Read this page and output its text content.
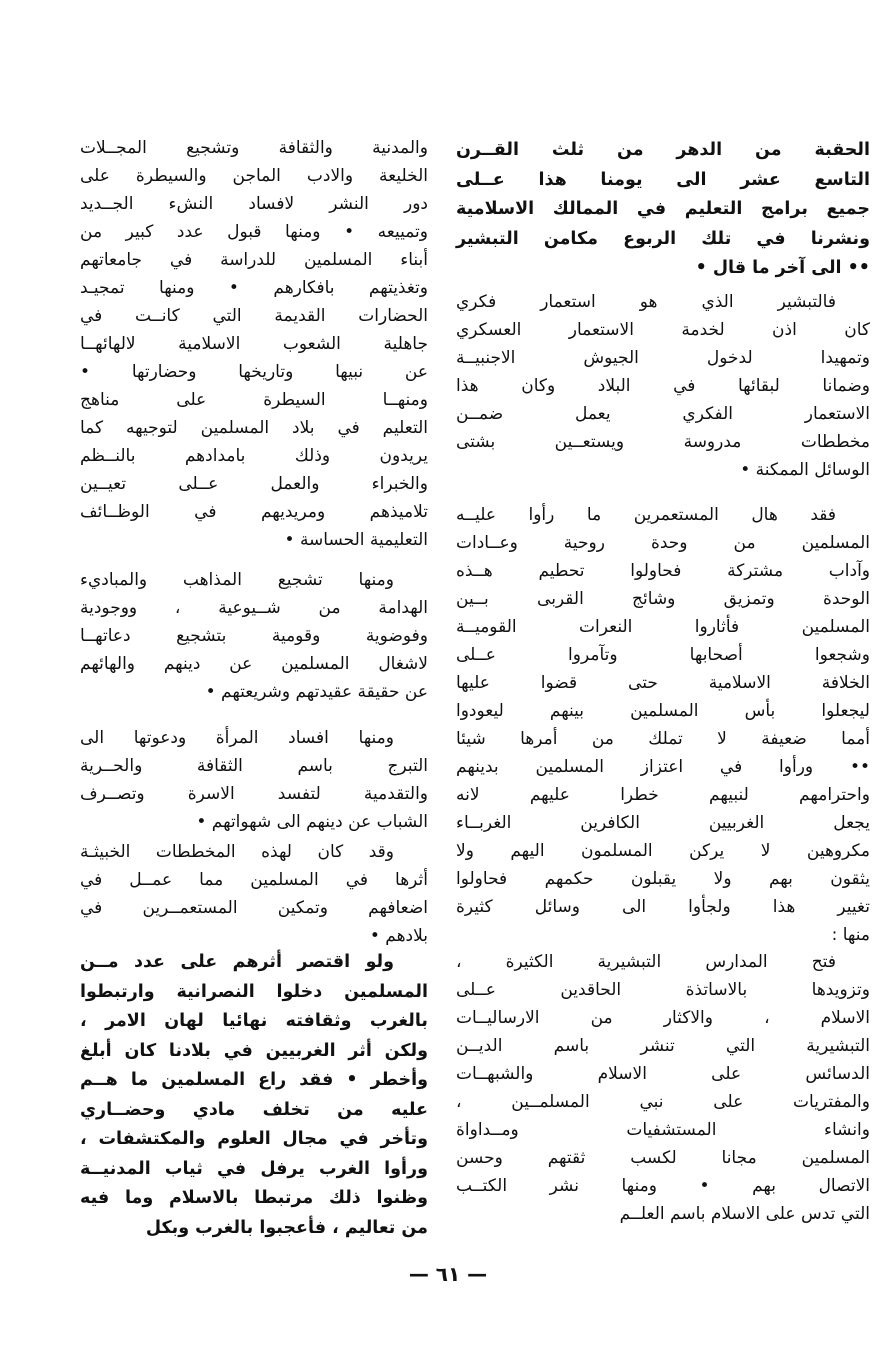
الحقبة من الدهر من ثلث القــرن
التاسع عشر الى يومنا هذا عــلى
جميع برامج التعليم في الممالك الاسلامية
ونشرنا في تلك الربوع مكامن التبشير
•• الى آخر ما قال •
فالتبشير الذي هو استعمار فكري
كان اذن لخدمة الاستعمار العسكري
وتمهيدا لدخول الجيوش الاجنبيــة
وضمانا لبقائها في البلاد وكان هذا
الاستعمار الفكري يعمل ضمــن
مخططات مدروسة ويستعــين بشتى
الوسائل الممكنة •
فقد هال المستعمرين ما رأوا عليــه
المسلمين من وحدة روحية وعــادات
وآداب مشتركة فحاولوا تحطيم هــذه
الوحدة وتمزيق وشائج القربى بــين
المسلمين فأثاروا النعرات القوميــة
وشجعوا أصحابها وتآمروا عــلى
الخلافة الاسلامية حتى قضوا عليها
ليجعلوا بأس المسلمين بينهم ليعودوا
أمما ضعيفة لا تملك من أمرها شيئا
•• ورأوا في اعتزاز المسلمين بدينهم
واحترامهم لنبيهم خطرا عليهم لانه
يجعل الغربيين الكافرين الغربــاء
مكروهين لا يركن المسلمون اليهم ولا
يثقون بهم ولا يقبلون حكمهم فحاولوا
تغيير هذا ولجأوا الى وسائل كثيرة
منها :
فتح المدارس التبشيرية الكثيرة ،
وتزويدها بالاساتذة الحاقدين عــلى
الاسلام ، والاكثار من الارساليــات
التبشيرية التي تنشر باسم الديــن
الدسائس على الاسلام والشبهــات
والمفتريات على نبي المسلمــين ،
وانشاء المستشفيات ومــداواة
المسلمين مجانا لكسب ثقتهم وحسن
الاتصال بهم • ومنها نشر الكتــب
التي تدس على الاسلام باسم العلــم
والمدنية والثقافة وتشجيع المجــلات
الخليعة والادب الماجن والسيطرة على
دور النشر لافساد النشء الجــديد
وتمييعه • ومنها قبول عدد كبير من
أبناء المسلمين للدراسة في جامعاتهم
وتغذيتهم بافكارهم • ومنها تمجيـد
الحضارات القديمة التي كانــت في
جاهلية الشعوب الاسلامية لالهائهــا
عن نبيها وتاريخها وحضارتها •
ومنهــا السيطرة على مناهج
التعليم في بلاد المسلمين لتوجيهه كما
يريدون وذلك بامدادهم بالنــظم
والخبراء والعمل عــلى تعيــين
تلاميذهم ومريديهم في الوظــائف
التعليمية الحساسة •
ومنها تشجيع المذاهب والمباديء
الهدامة من شــيوعية ، ووجودية
وفوضوية وقومية بتشجيع دعاتهــا
لاشغال المسلمين عن دينهم والهائهم
عن حقيقة عقيدتهم وشريعتهم •
ومنها افساد المرأة ودعوتها الى
التبرج باسم الثقافة والحــرية
والتقدمية لتفسد الاسرة وتصــرف
الشباب عن دينهم الى شهواتهم •
وقد كان لهذه المخططات الخبيثـة
أثرها في المسلمين مما عمــل في
اضعافهم وتمكين المستعمــرين في
بلادهم •
ولو اقتصر أثرهم على عدد مــن
المسلمين دخلوا النصرانية وارتبطوا
بالغرب وثقافته نهائيا لهان الامر ،
ولكن أثر الغربيين في بلادنا كان أبلغ
وأخطر • فقد راع المسلمين ما هــم
عليه من تخلف مادي وحضــاري
وتأخر في مجال العلوم والمكتشفات ،
ورأوا الغرب يرفل في ثياب المدنيــة
وظنوا ذلك مرتبطا بالاسلام وما فيه
من تعاليم ، فأعجبوا بالغرب وبكل
— ٦١ —
